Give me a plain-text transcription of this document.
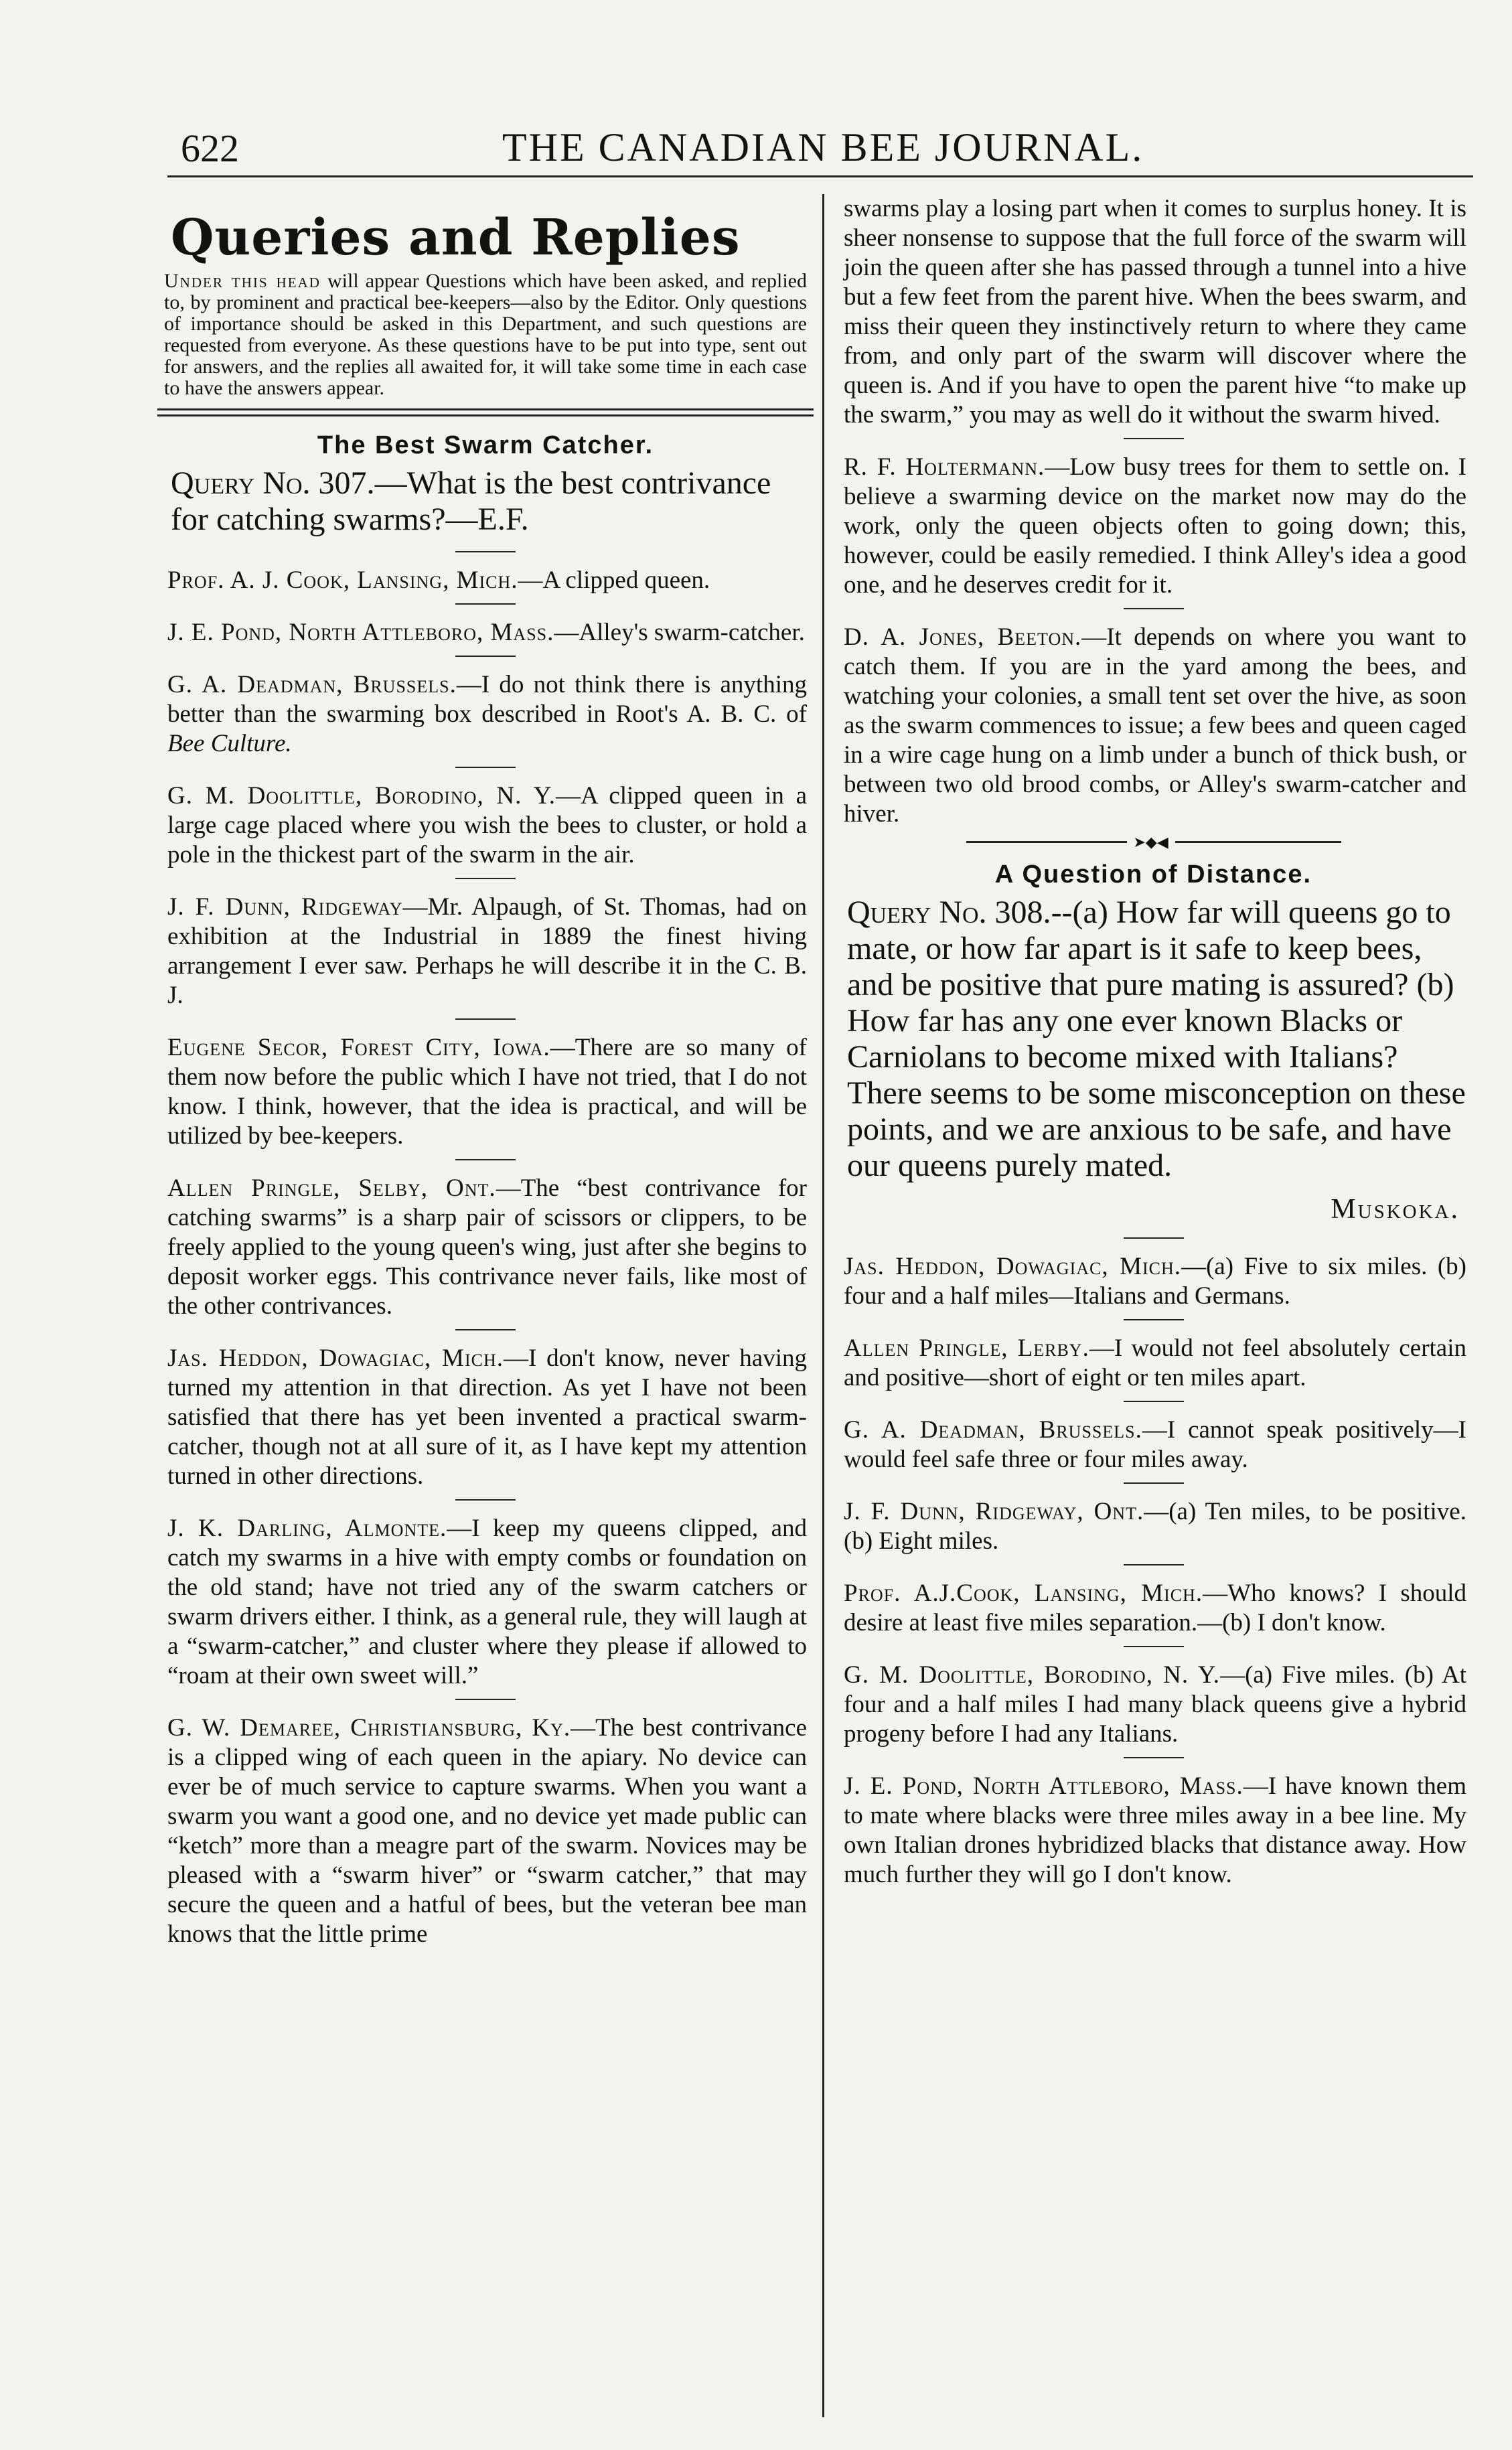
622	THE CANADIAN BEE JOURNAL.
Queries and Replies
Under this head will appear Questions which have been asked, and replied to, by prominent and practical bee-keepers—also by the Editor. Only questions of importance should be asked in this Department, and such questions are requested from everyone. As these questions have to be put into type, sent out for answers, and the replies all awaited for, it will take some time in each case to have the answers appear.
The Best Swarm Catcher.
Query No. 307.—What is the best contrivance for catching swarms?—E.F.

Prof. A. J. Cook, Lansing, Mich.—A clipped queen.

J. E. Pond, North Attleboro, Mass.—Alley's swarm-catcher.

G. A. Deadman, Brussels.—I do not think there is anything better than the swarming box described in Root's A. B. C. of Bee Culture.

G. M. Doolittle, Borodino, N. Y.—A clipped queen in a large cage placed where you wish the bees to cluster, or hold a pole in the thickest part of the swarm in the air.

J. F. Dunn, Ridgeway—Mr. Alpaugh, of St. Thomas, had on exhibition at the Industrial in 1889 the finest hiving arrangement I ever saw. Perhaps he will describe it in the C. B. J.

Eugene Secor, Forest City, Iowa.—There are so many of them now before the public which I have not tried, that I do not know. I think, however, that the idea is practical, and will be utilized by bee-keepers.

Allen Pringle, Selby, Ont.—The “best contrivance for catching swarms” is a sharp pair of scissors or clippers, to be freely applied to the young queen's wing, just after she begins to deposit worker eggs. This contrivance never fails, like most of the other contrivances.

Jas. Heddon, Dowagiac, Mich.—I don't know, never having turned my attention in that direction. As yet I have not been satisfied that there has yet been invented a practical swarm-catcher, though not at all sure of it, as I have kept my attention turned in other directions.

J. K. Darling, Almonte.—I keep my queens clipped, and catch my swarms in a hive with empty combs or foundation on the old stand; have not tried any of the swarm catchers or swarm drivers either. I think, as a general rule, they will laugh at a “swarm-catcher,” and cluster where they please if allowed to “roam at their own sweet will.”

G. W. Demaree, Christiansburg, Ky.—The best contrivance is a clipped wing of each queen in the apiary. No device can ever be of much service to capture swarms. When you want a swarm you want a good one, and no device yet made public can “ketch” more than a meagre part of the swarm. Novices may be pleased with a “swarm hiver” or “swarm catcher,” that may secure the queen and a hatful of bees, but the veteran bee man knows that the little prime

swarms play a losing part when it comes to surplus honey. It is sheer nonsense to suppose that the full force of the swarm will join the queen after she has passed through a tunnel into a hive but a few feet from the parent hive. When the bees swarm, and miss their queen they instinctively return to where they came from, and only part of the swarm will discover where the queen is. And if you have to open the parent hive “to make up the swarm,” you may as well do it without the swarm hived.

R. F. Holtermann.—Low busy trees for them to settle on. I believe a swarming device on the market now may do the work, only the queen objects often to going down; this, however, could be easily remedied. I think Alley's idea a good one, and he deserves credit for it.

D. A. Jones, Beeton.—It depends on where you want to catch them. If you are in the yard among the bees, and watching your colonies, a small tent set over the hive, as soon as the swarm commences to issue; a few bees and queen caged in a wire cage hung on a limb under a bunch of thick bush, or between two old brood combs, or Alley's swarm-catcher and hiver.

➤◆◀
A Question of Distance.
Query No. 308.--(a) How far will queens go to mate, or how far apart is it safe to keep bees, and be positive that pure mating is assured? (b) How far has any one ever known Blacks or Carniolans to become mixed with Italians? There seems to be some misconception on these points, and we are anxious to be safe, and have our queens purely mated.
Muskoka.

Jas. Heddon, Dowagiac, Mich.—(a) Five to six miles. (b) four and a half miles—Italians and Germans.

Allen Pringle, Lerby.—I would not feel absolutely certain and positive—short of eight or ten miles apart.

G. A. Deadman, Brussels.—I cannot speak positively—I would feel safe three or four miles away.

J. F. Dunn, Ridgeway, Ont.—(a) Ten miles, to be positive. (b) Eight miles.

Prof. A.J.Cook, Lansing, Mich.—Who knows? I should desire at least five miles separation.—(b) I don't know.

G. M. Doolittle, Borodino, N. Y.—(a) Five miles. (b) At four and a half miles I had many black queens give a hybrid progeny before I had any Italians.

J. E. Pond, North Attleboro, Mass.—I have known them to mate where blacks were three miles away in a bee line. My own Italian drones hybridized blacks that distance away. How much further they will go I don't know.
